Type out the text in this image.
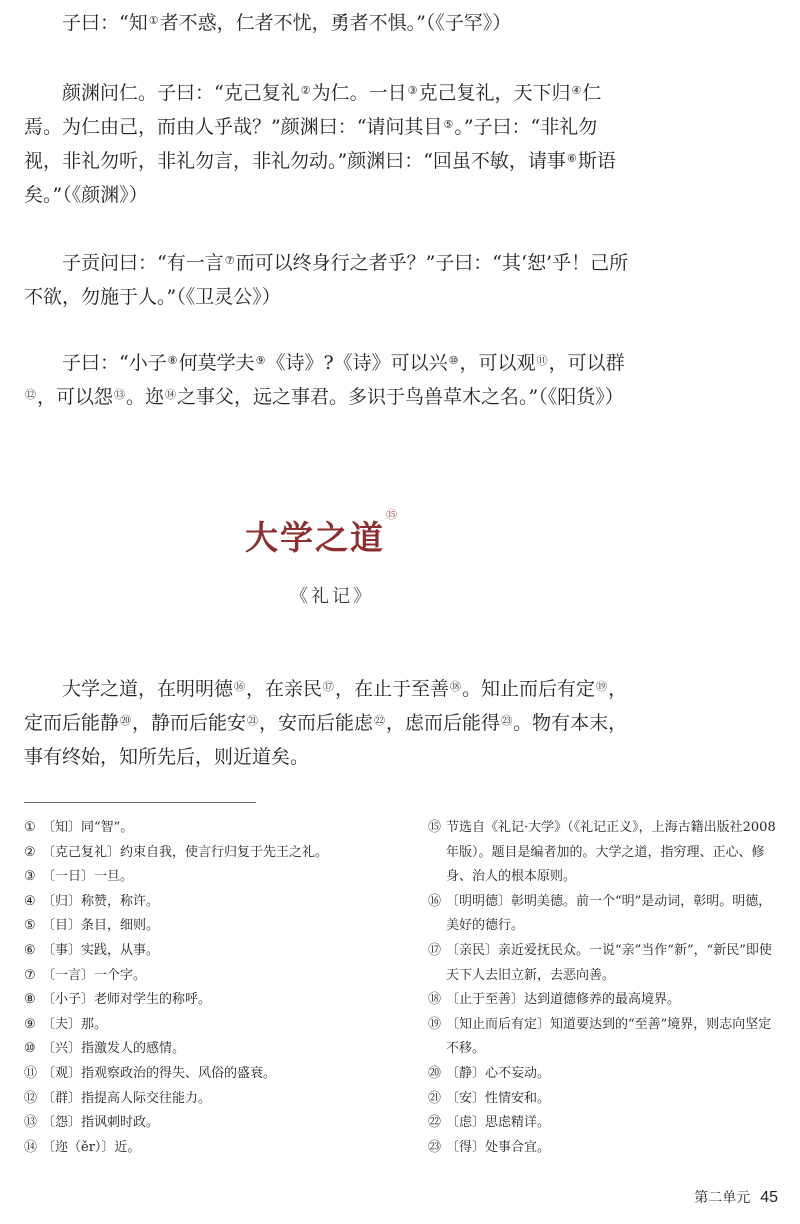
子曰：“知①者不惑，仁者不忧，勇者不惧。”（《子罕》）

颜渊问仁。子曰：“克己复礼②为仁。一日③克己复礼，天下归④仁焉。为仁由己，而由人乎哉？”颜渊曰：“请问其目⑤。”子曰：“非礼勿视，非礼勿听，非礼勿言，非礼勿动。”颜渊曰：“回虽不敏，请事⑥斯语矣。”（《颜渊》）

子贡问曰：“有一言⑦而可以终身行之者乎？”子曰：“其‘恕’乎！己所不欲，勿施于人。”（《卫灵公》）

子曰：“小子⑧何莫学夫⑨《诗》?《诗》可以兴⑩，可以观⑪，可以群⑫，可以怨⑬。迩⑭之事父，远之事君。多识于鸟兽草木之名。”（《阳货》）

大学之道，在明明德⑯，在亲民⑰，在止于至善⑱。知止而后有定⑲，定而后能静⑳，静而后能安$^㉑$，安而后能虑$^㉒$，虑而后能得$^㉓$。物有本末，事有终始，知所先后，则近道矣。

大学之道⑮
《礼记》
① 〔知〕同“智”。
② 〔克己复礼〕约束自我，使言行归复于先王之礼。
③ 〔一日〕一旦。
④ 〔归〕称赞，称许。
⑤ 〔目〕条目，细则。
⑥ 〔事〕实践，从事。
⑦ 〔一言〕一个字。
⑧ 〔小子〕老师对学生的称呼。
⑨ 〔夫〕那。
⑩ 〔兴〕指激发人的感情。
⑪ 〔观〕指观察政治的得失、风俗的盛衰。
⑫ 〔群〕指提高人际交往能力。
⑬ 〔怨〕指讽刺时政。
⑭ 〔迩（ěr）〕近。
⑮ 节选自《礼记·大学》（《礼记正义》，上海古籍出版社2008年版）。题目是编者加的。大学之道，指穷理、正心、修身、治人的根本原则。
⑯ 〔明明德〕彰明美德。前一个“明”是动词，彰明。明德，美好的德行。
⑰ 〔亲民〕亲近爱抚民众。一说“亲”当作“新”，“新民”即使天下人去旧立新，去恶向善。
⑱ 〔止于至善〕达到道德修养的最高境界。
⑲ 〔知止而后有定〕知道要达到的“至善”境界，则志向坚定不移。
⑳ 〔静〕心不妄动。
㉑ 〔安〕性情安和。
㉒ 〔虑〕思虑精详。
㉓ 〔得〕处事合宜。
第二单元 45
